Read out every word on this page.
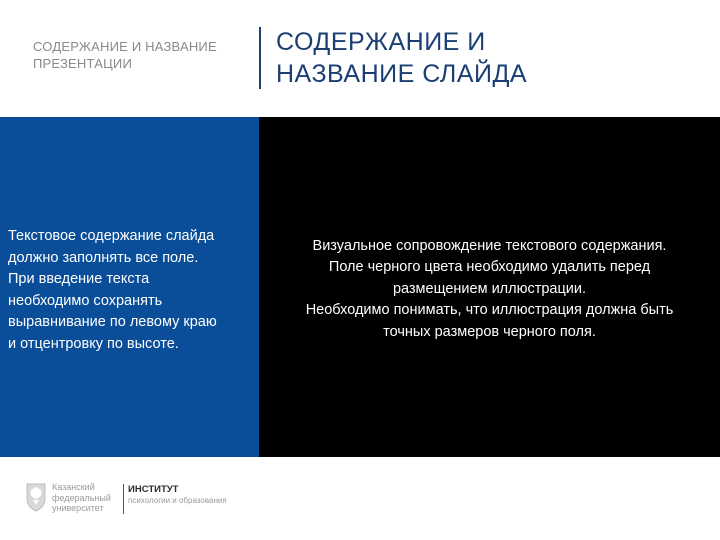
СОДЕРЖАНИЕ И НАЗВАНИЕ ПРЕЗЕНТАЦИИ
СОДЕРЖАНИЕ И
НАЗВАНИЕ СЛАЙДА
Текстовое содержание слайда
должно заполнять все поле.
При введение текста
необходимо сохранять
выравнивание по левому краю
и отцентровку по высоте.
Визуальное сопровождение текстового содержания.
Поле черного цвета необходимо удалить перед
размещением иллюстрации.
Необходимо понимать, что иллюстрация должна быть
точных размеров черного поля.
Казанский
федеральный
университет
ИНСТИТУТ
психологии и образования
